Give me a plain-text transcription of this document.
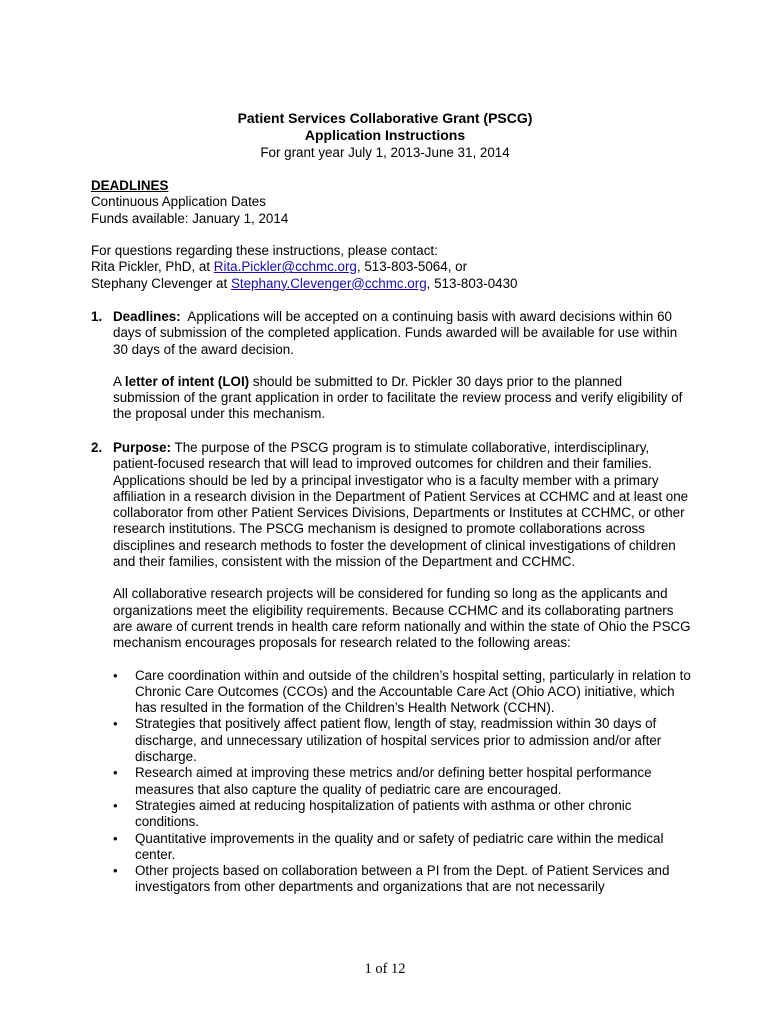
Patient Services Collaborative Grant (PSCG)
Application Instructions
For grant year July 1, 2013-June 31, 2014
DEADLINES
Continuous Application Dates
Funds available: January 1, 2014
For questions regarding these instructions, please contact:
Rita Pickler, PhD, at Rita.Pickler@cchmc.org, 513-803-5064, or
Stephany Clevenger at Stephany.Clevenger@cchmc.org, 513-803-0430
1. Deadlines:  Applications will be accepted on a continuing basis with award decisions within 60 days of submission of the completed application. Funds awarded will be available for use within 30 days of the award decision.

A letter of intent (LOI) should be submitted to Dr. Pickler 30 days prior to the planned submission of the grant application in order to facilitate the review process and verify eligibility of the proposal under this mechanism.

2. Purpose: The purpose of the PSCG program is to stimulate collaborative, interdisciplinary, patient-focused research that will lead to improved outcomes for children and their families. Applications should be led by a principal investigator who is a faculty member with a primary affiliation in a research division in the Department of Patient Services at CCHMC and at least one collaborator from other Patient Services Divisions, Departments or Institutes at CCHMC, or other research institutions. The PSCG mechanism is designed to promote collaborations across disciplines and research methods to foster the development of clinical investigations of children and their families, consistent with the mission of the Department and CCHMC.

All collaborative research projects will be considered for funding so long as the applicants and organizations meet the eligibility requirements. Because CCHMC and its collaborating partners are aware of current trends in health care reform nationally and within the state of Ohio the PSCG mechanism encourages proposals for research related to the following areas:

• Care coordination within and outside of the children’s hospital setting, particularly in relation to Chronic Care Outcomes (CCOs) and the Accountable Care Act (Ohio ACO) initiative, which has resulted in the formation of the Children’s Health Network (CCHN).
• Strategies that positively affect patient flow, length of stay, readmission within 30 days of discharge, and unnecessary utilization of hospital services prior to admission and/or after discharge.
• Research aimed at improving these metrics and/or defining better hospital performance measures that also capture the quality of pediatric care are encouraged.
• Strategies aimed at reducing hospitalization of patients with asthma or other chronic conditions.
• Quantitative improvements in the quality and or safety of pediatric care within the medical center.
• Other projects based on collaboration between a PI from the Dept. of Patient Services and investigators from other departments and organizations that are not necessarily
1 of 12
